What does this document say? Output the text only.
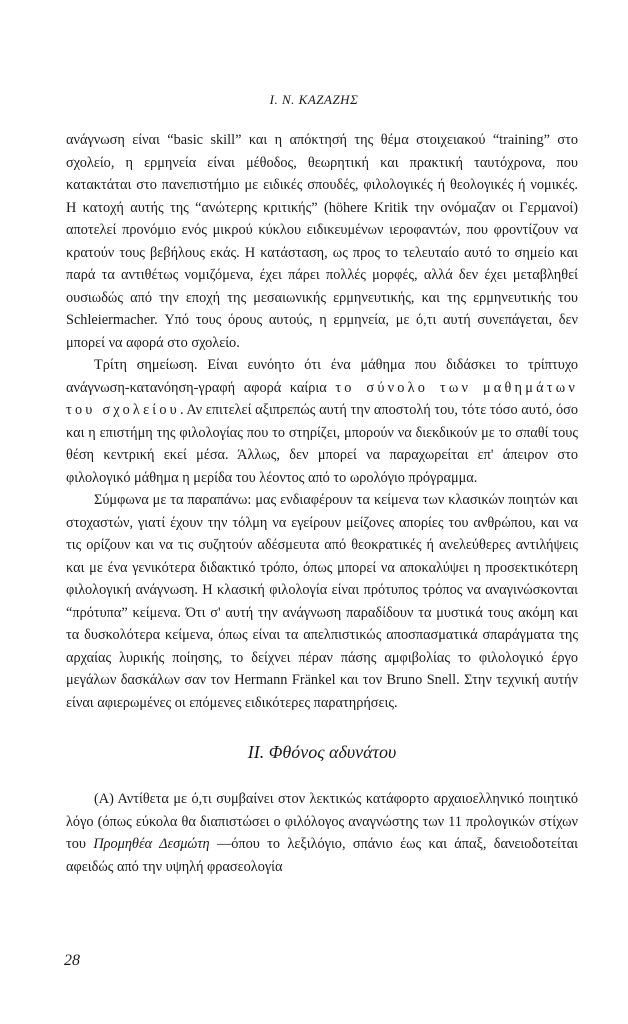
Ι. Ν. ΚΑΖΑΖΗΣ

ανάγνωση είναι “basic skill” και η απόκτησή της θέμα στοιχειακού “training” στο σχολείο, η ερμηνεία είναι μέθοδος, θεωρητική και πρακτική ταυτόχρονα, που κατακτάται στο πανεπιστήμιο με ειδικές σπουδές, φιλολογικές ή θεολογικές ή νομικές. Η κατοχή αυτής της “ανώτερης κριτικής” (höhere Kritik την ονόμαζαν οι Γερμανοί) αποτελεί προνόμιο ενός μικρού κύκλου ειδικευμένων ιεροφαντών, που φροντίζουν να κρατούν τους βεβήλους εκάς. Η κατάσταση, ως προς το τελευταίο αυτό το σημείο και παρά τα αντιθέτως νομιζόμενα, έχει πάρει πολλές μορφές, αλλά δεν έχει μεταβληθεί ουσιωδώς από την εποχή της μεσαιωνικής ερμηνευτικής, και της ερμηνευτικής του Schleiermacher. Υπό τους όρους αυτούς, η ερμηνεία, με ό,τι αυτή συνεπάγεται, δεν μπορεί να αφορά στο σχολείο.

Τρίτη σημείωση. Είναι ευνόητο ότι ένα μάθημα που διδάσκει το τρίπτυχο ανάγνωση-κατανόηση-γραφή αφορά καίρια το σύνολο των μαθημάτων του σχολείου. Αν επιτελεί αξιπρεπώς αυτή την αποστολή του, τότε τόσο αυτό, όσο και η επιστήμη της φιλολογίας που το στηρίζει, μπορούν να διεκδικούν με το σπαθί τους θέση κεντρική εκεί μέσα. Άλλως, δεν μπορεί να παραχωρείται επ' άπειρον στο φιλολογικό μάθημα η μερίδα του λέοντος από το ωρολόγιο πρόγραμμα.

Σύμφωνα με τα παραπάνω: μας ενδιαφέρουν τα κείμενα των κλασικών ποιητών και στοχαστών, γιατί έχουν την τόλμη να εγείρουν μείζονες απορίες του ανθρώπου, και να τις ορίζουν και να τις συζητούν αδέσμευτα από θεοκρατικές ή ανελεύθερες αντιλήψεις και με ένα γενικότερα διδακτικό τρόπο, όπως μπορεί να αποκαλύψει η προσεκτικότερη φιλολογική ανάγνωση. Η κλασική φιλολογία είναι πρότυπος τρόπος να αναγινώσκονται “πρότυπα” κείμενα. Ότι σ' αυτή την ανάγνωση παραδίδουν τα μυστικά τους ακόμη και τα δυσκολότερα κείμενα, όπως είναι τα απελπιστικώς αποσπασματικά σπαράγματα της αρχαίας λυρικής ποίησης, το δείχνει πέραν πάσης αμφιβολίας το φιλολογικό έργο μεγάλων δασκάλων σαν τον Hermann Fränkel και τον Bruno Snell. Στην τεχνική αυτήν είναι αφιερωμένες οι επόμενες ειδικότερες παρατηρήσεις.

ΙΙ. Φθόνος αδυνάτου

(Α) Αντίθετα με ό,τι συμβαίνει στον λεκτικώς κατάφορτο αρχαιοελληνικό ποιητικό λόγο (όπως εύκολα θα διαπιστώσει ο φιλόλογος αναγνώστης των 11 προλογικών στίχων του Προμηθέα Δεσμώτη —όπου το λεξιλόγιο, σπάνιο έως και άπαξ, δανειοδοτείται αφειδώς από την υψηλή φρασεολογία

28
